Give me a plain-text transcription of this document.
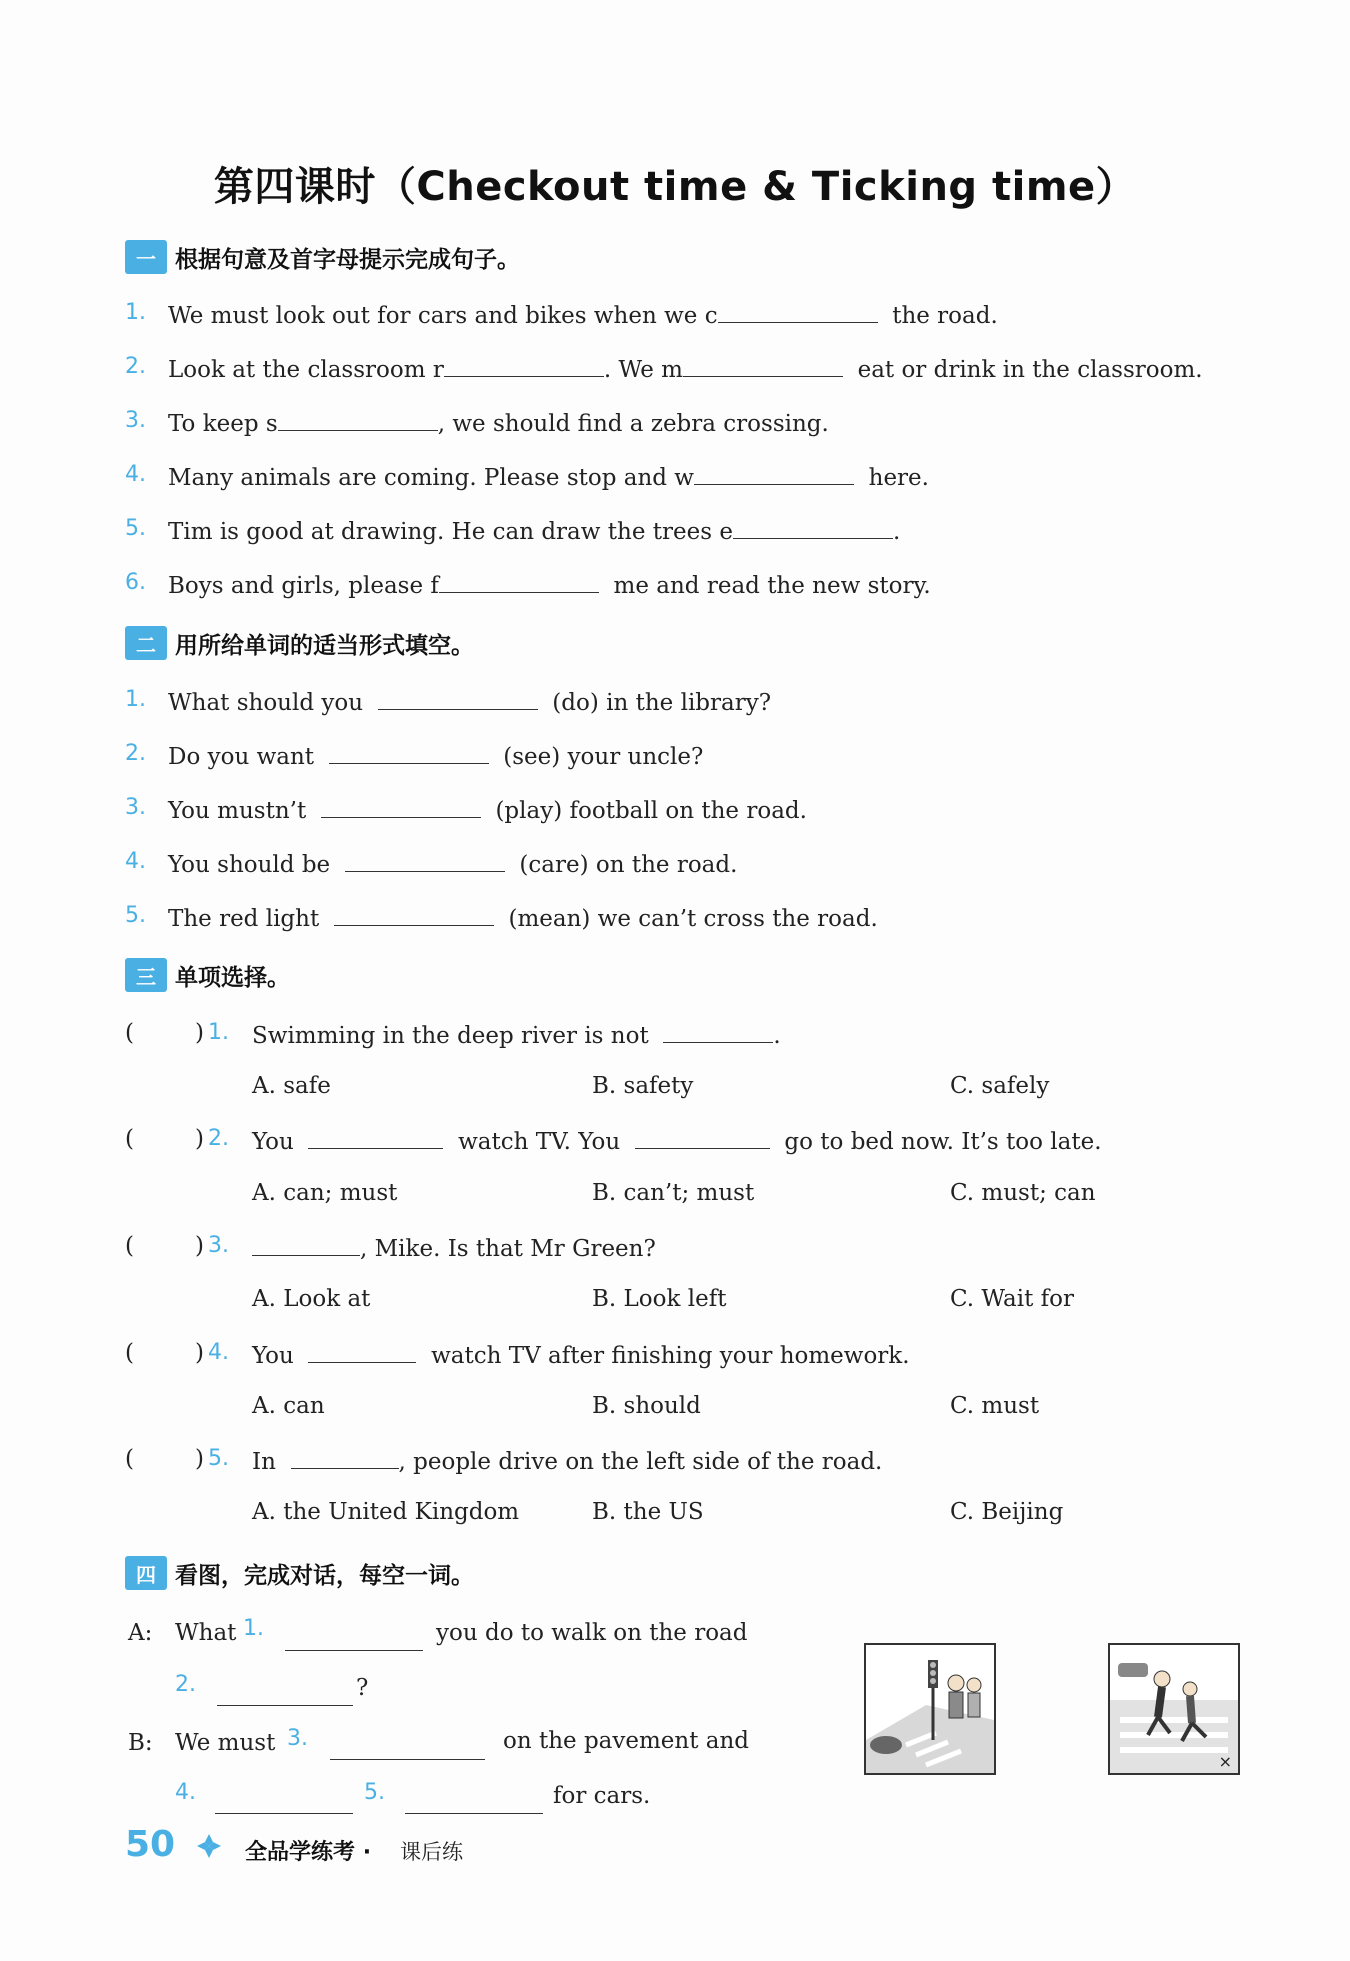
第四课时（Checkout time & Ticking time）
一 根据句意及首字母提示完成句子。
1. We must look out for cars and bikes when we c	the road.
2. Look at the classroom r	. We m	eat or drink in the classroom.
3. To keep s	, we should find a zebra crossing.
4. Many animals are coming. Please stop and w	here.
5. Tim is good at drawing. He can draw the trees e	.
6. Boys and girls, please f	me and read the new story.
二 用所给单词的适当形式填空。
1. What should you	(do) in the library?
2. Do you want	(see) your uncle?
3. You mustn’t	(play) football on the road.
4. You should be	(care) on the road.
5. The red light	(mean) we can’t cross the road.
三 单项选择。
(	) 1. Swimming in the deep river is not	.
A. safe	B. safety	C. safely
(	) 2. You	watch TV. You	go to bed now. It’s too late.
A. can; must	B. can’t; must	C. must; can
(	) 3.	, Mike. Is that Mr Green?
A. Look at	B. Look left	C. Wait for
(	) 4. You	watch TV after finishing your homework.
A. can	B. should	C. must
(	) 5. In	, people drive on the left side of the road.
A. the United Kingdom	B. the US	C. Beijing
四 看图，完成对话，每空一词。
A: What 1.	you do to walk on the road
2.	?
B: We must 3.	on the pavement and
4.	5.	for cars.
×
50	全品学练考 · 课后练
